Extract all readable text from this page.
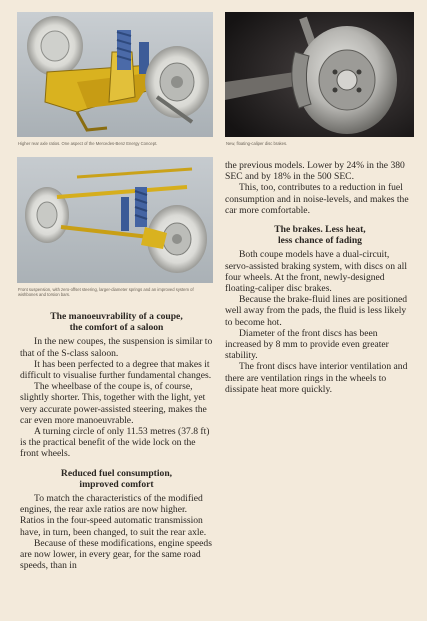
Higher rear axle ratios. One aspect of the Mercedes-Benz Energy Concept.	New, floating-caliper disc brakes.
Front suspension, with zero-offset steering, larger-diameter springs and an improved system of wishbones and torsion bars.
The manoeuvrability of a coupe,
the comfort of a saloon

In the new coupes, the suspension is similar to that of the S-class saloon.

It has been perfected to a degree that makes it difficult to visualise further fundamental changes.

The wheelbase of the coupe is, of course, slightly shorter. This, together with the light, yet very accurate power-assisted steering, makes the car even more manoeuvrable.

A turning circle of only 11.53 metres (37.8 ft) is the practical benefit of the wide lock on the front wheels.

Reduced fuel consumption,
improved comfort

To match the characteristics of the modified engines, the rear axle ratios are now higher. Ratios in the four-speed automatic transmission have, in turn, been changed, to suit the rear axle.

Because of these modifications, engine speeds are now lower, in every gear, for the same road speeds, than in

the previous models. Lower by 24% in the 380 SEC and by 18% in the 500 SEC.

This, too, contributes to a reduction in fuel consumption and in noise-levels, and makes the car more comfortable.

The brakes. Less heat,
less chance of fading

Both coupe models have a dual-circuit, servo-assisted braking system, with discs on all four wheels. At the front, newly-designed floating-caliper disc brakes.

Because the brake-fluid lines are positioned well away from the pads, the fluid is less likely to become hot.

Diameter of the front discs has been increased by 8 mm to provide even greater stability.

The front discs have interior ventilation and there are ventilation rings in the wheels to dissipate heat more quickly.
